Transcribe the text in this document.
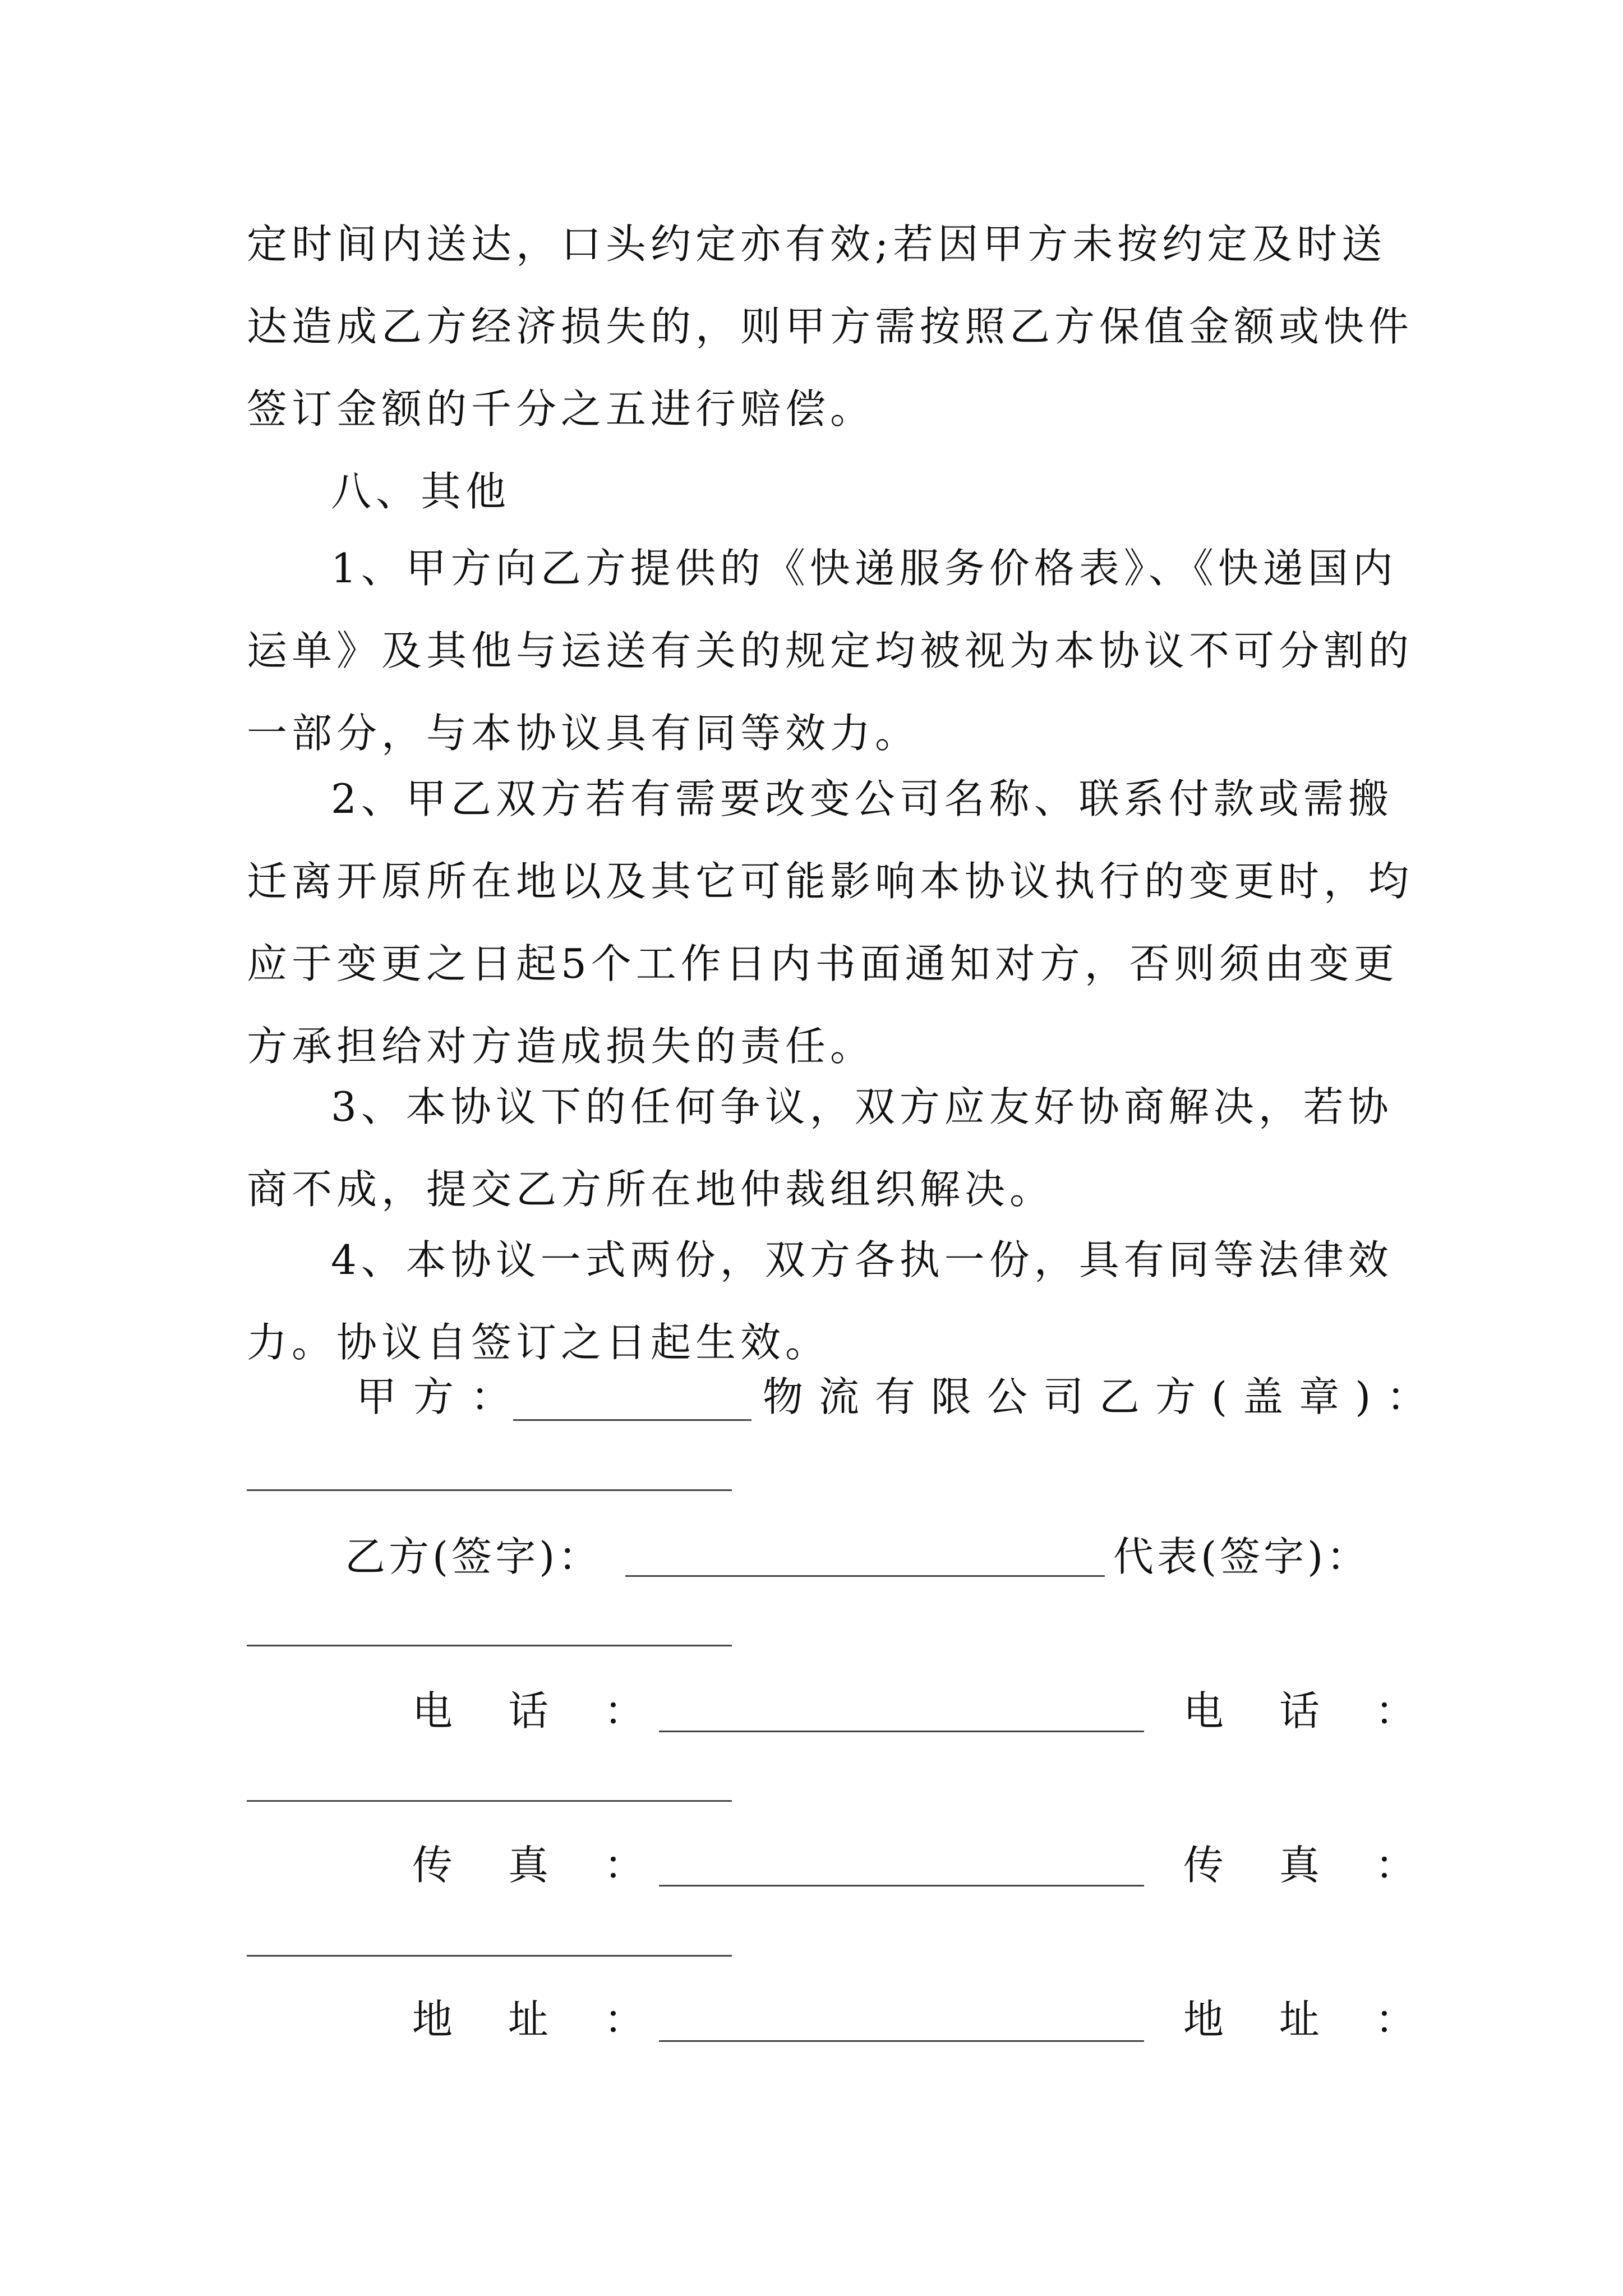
定时间内送达，口头约定亦有效;若因甲方未按约定及时送
达造成乙方经济损失的，则甲方需按照乙方保值金额或快件
签订金额的千分之五进行赔偿。
八、其他
1、甲方向乙方提供的《快递服务价格表》、《快递国内
运单》及其他与运送有关的规定均被视为本协议不可分割的
一部分，与本协议具有同等效力。
2、甲乙双方若有需要改变公司名称、联系付款或需搬
迁离开原所在地以及其它可能影响本协议执行的变更时，均
应于变更之日起5个工作日内书面通知对方，否则须由变更
方承担给对方造成损失的责任。
3、本协议下的任何争议，双方应友好协商解决，若协
商不成，提交乙方所在地仲裁组织解决。
4、本协议一式两份，双方各执一份，具有同等法律效
力。协议自签订之日起生效。
甲方：	物流有限公司乙方(盖章)：
乙方(签字)：	代表(签字)：
电 话 ：	电 话 ：
传 真 ：	传 真 ：
地 址 ：	地 址 ：
